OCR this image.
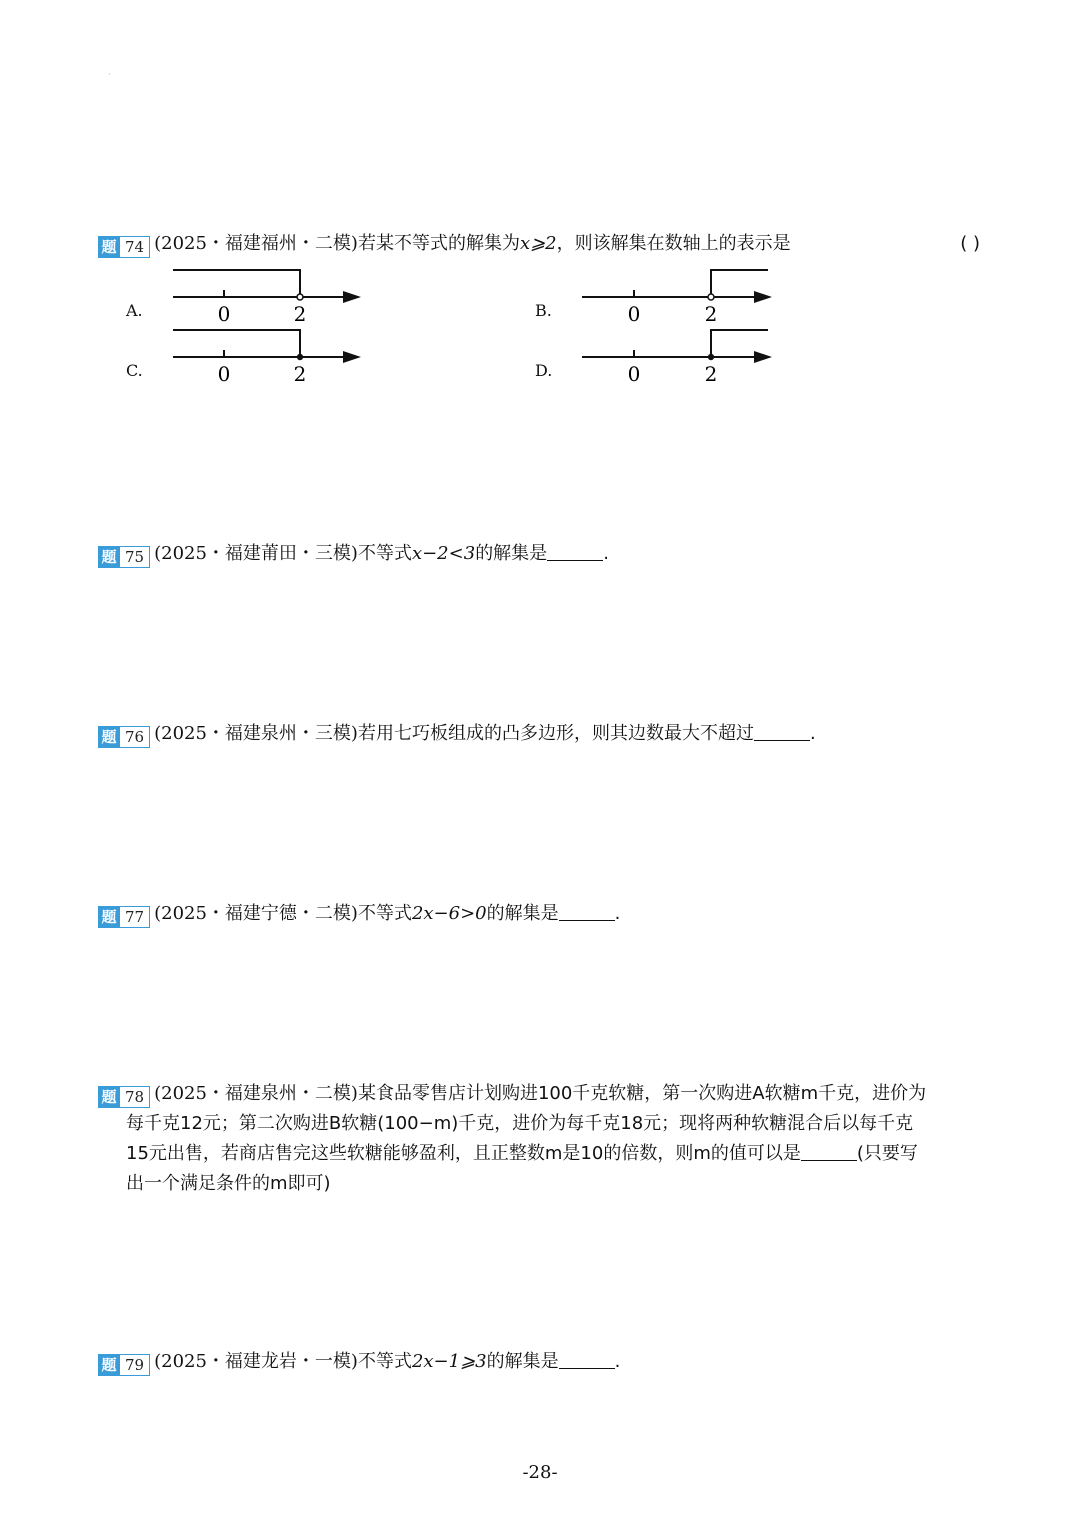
·
题 74 (2025・福建福州・二模)若某不等式的解集为x⩾2，则该解集在数轴上的表示是	( )
A.	0	2	B.	0	2
C.	0	2	D.	0	2
题 75 (2025・福建莆田・三模)不等式x−2<3的解集是	.
题 76 (2025・福建泉州・三模)若用七巧板组成的凸多边形，则其边数最大不超过	.
题 77 (2025・福建宁德・二模)不等式2x−6>0的解集是	.
题 78 (2025・福建泉州・二模)某食品零售店计划购进100千克软糖，第一次购进A软糖m千克，进价为
每千克12元；第二次购进B软糖(100−m)千克，进价为每千克18元；现将两种软糖混合后以每千克
15元出售，若商店售完这些软糖能够盈利，且正整数m是10的倍数，则m的值可以是	(只要写
出一个满足条件的m即可)
题 79 (2025・福建龙岩・一模)不等式2x−1⩾3的解集是	.
-28-
